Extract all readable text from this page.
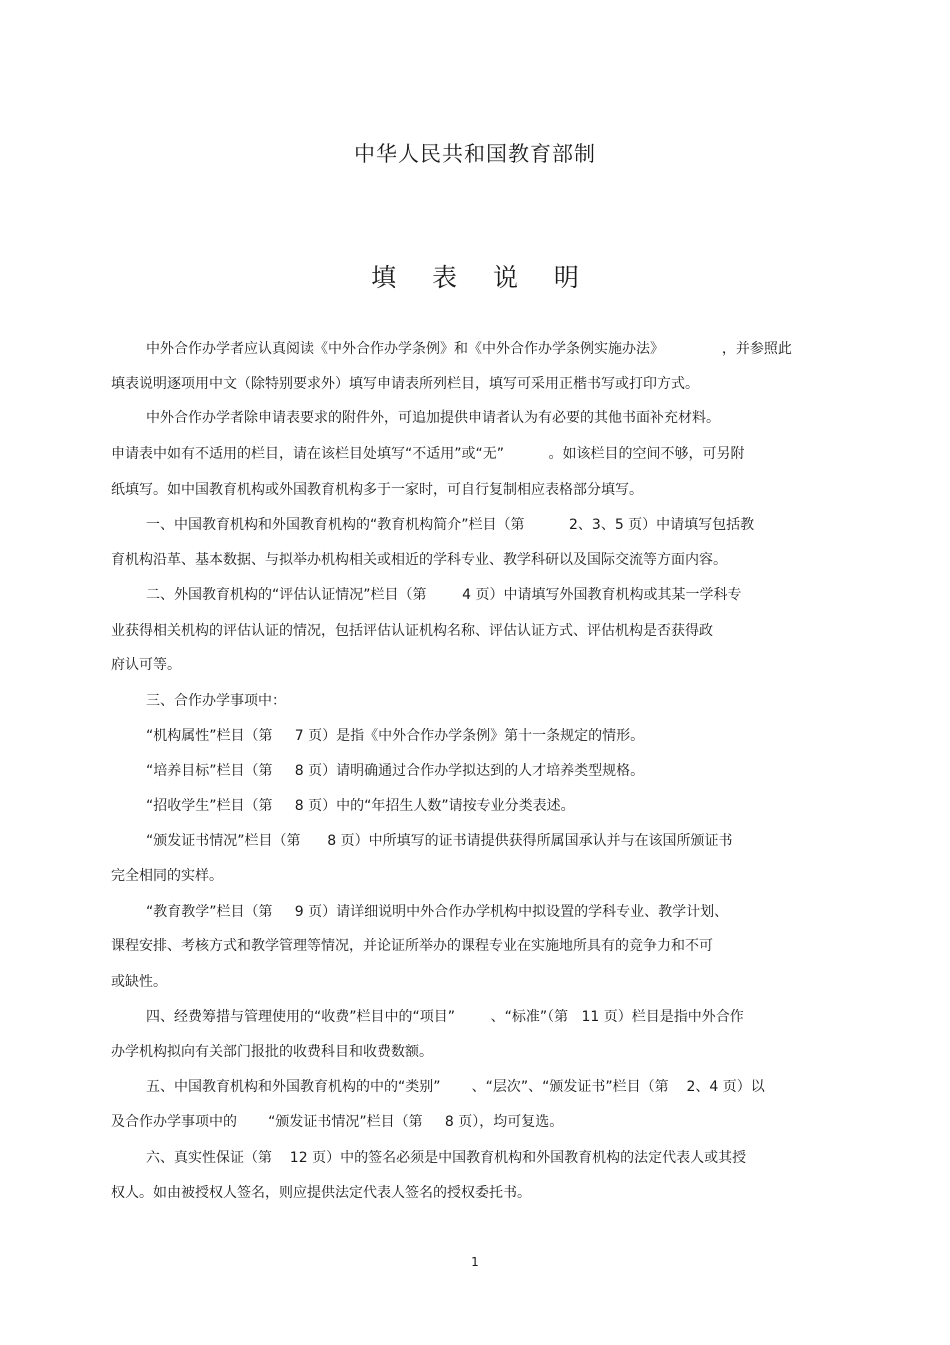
中华人民共和国教育部制
填 表 说 明
中外合作办学者应认真阅读《中外合作办学条例》和《中外合作办学条例实施办法》             ，并参照此
填表说明逐项用中文（除特别要求外）填写申请表所列栏目，填写可采用正楷书写或打印方式。
中外合作办学者除申请表要求的附件外，可追加提供申请者认为有必要的其他书面补充材料。
申请表中如有不适用的栏目，请在该栏目处填写“不适用”或“无”          。如该栏目的空间不够，可另附
纸填写。如中国教育机构或外国教育机构多于一家时，可自行复制相应表格部分填写。
一、中国教育机构和外国教育机构的“教育机构简介”栏目（第          2、3、5 页）中请填写包括教
育机构沿革、基本数据、与拟举办机构相关或相近的学科专业、教学科研以及国际交流等方面内容。
二、外国教育机构的“评估认证情况”栏目（第        4 页）中请填写外国教育机构或其某一学科专
业获得相关机构的评估认证的情况，包括评估认证机构名称、评估认证方式、评估机构是否获得政
府认可等。
三、合作办学事项中：
“机构属性”栏目（第     7 页）是指《中外合作办学条例》第十一条规定的情形。
“培养目标”栏目（第     8 页）请明确通过合作办学拟达到的人才培养类型规格。
“招收学生”栏目（第     8 页）中的“年招生人数”请按专业分类表述。
“颁发证书情况”栏目（第      8 页）中所填写的证书请提供获得所属国承认并与在该国所颁证书
完全相同的实样。
“教育教学”栏目（第     9 页）请详细说明中外合作办学机构中拟设置的学科专业、教学计划、
课程安排、考核方式和教学管理等情况，并论证所举办的课程专业在实施地所具有的竞争力和不可
或缺性。
四、经费筹措与管理使用的“收费”栏目中的“项目”        、“标准”（第   11 页）栏目是指中外合作
办学机构拟向有关部门报批的收费科目和收费数额。
五、中国教育机构和外国教育机构的中的“类别”       、“层次”、“颁发证书”栏目（第    2、4 页）以
及合作办学事项中的       “颁发证书情况”栏目（第     8 页），均可复选。
六、真实性保证（第    12 页）中的签名必须是中国教育机构和外国教育机构的法定代表人或其授
权人。如由被授权人签名，则应提供法定代表人签名的授权委托书。
1
